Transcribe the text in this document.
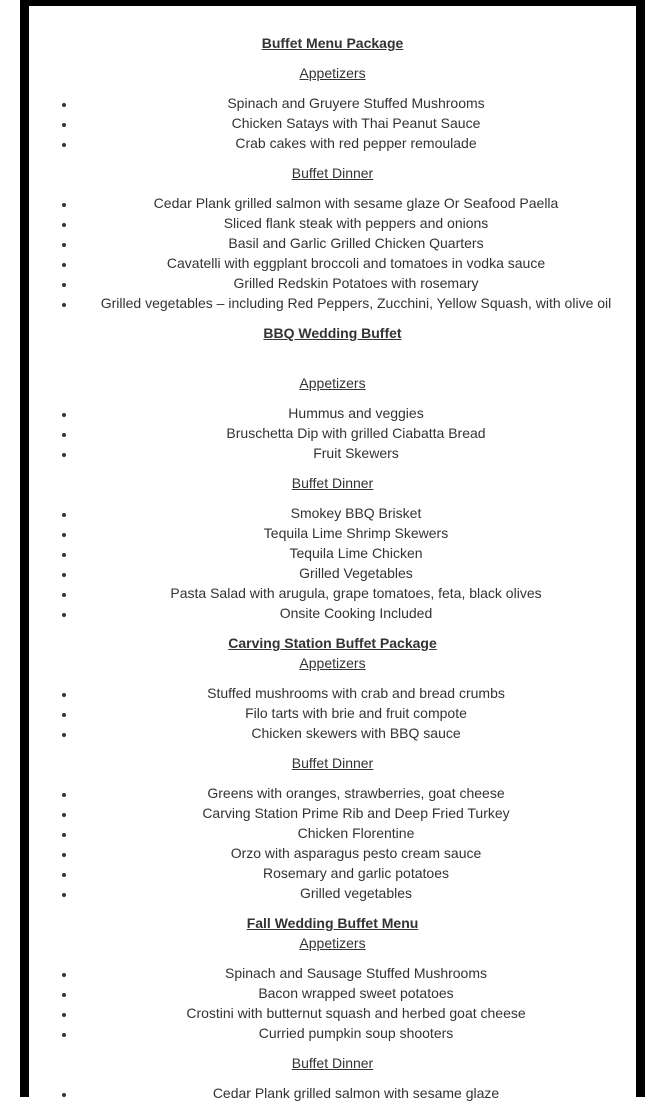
Buffet Menu Package
Appetizers
• Spinach and Gruyere Stuffed Mushrooms
• Chicken Satays with Thai Peanut Sauce
• Crab cakes with red pepper remoulade
Buffet Dinner
• Cedar Plank grilled salmon with sesame glaze Or Seafood Paella
• Sliced flank steak with peppers and onions
• Basil and Garlic Grilled Chicken Quarters
• Cavatelli with eggplant broccoli and tomatoes in vodka sauce
• Grilled Redskin Potatoes with rosemary
• Grilled vegetables – including Red Peppers, Zucchini, Yellow Squash, with olive oil
BBQ Wedding Buffet
Appetizers
• Hummus and veggies
• Bruschetta Dip with grilled Ciabatta Bread
• Fruit Skewers
Buffet Dinner
• Smokey BBQ Brisket
• Tequila Lime Shrimp Skewers
• Tequila Lime Chicken
• Grilled Vegetables
• Pasta Salad with arugula, grape tomatoes, feta, black olives
• Onsite Cooking Included
Carving Station Buffet Package
Appetizers
• Stuffed mushrooms with crab and bread crumbs
• Filo tarts with brie and fruit compote
• Chicken skewers with BBQ sauce
Buffet Dinner
• Greens with oranges, strawberries, goat cheese
• Carving Station Prime Rib and Deep Fried Turkey
• Chicken Florentine
• Orzo with asparagus pesto cream sauce
• Rosemary and garlic potatoes
• Grilled vegetables
Fall Wedding Buffet Menu
Appetizers
• Spinach and Sausage Stuffed Mushrooms
• Bacon wrapped sweet potatoes
• Crostini with butternut squash and herbed goat cheese
• Curried pumpkin soup shooters
Buffet Dinner
• Cedar Plank grilled salmon with sesame glaze
